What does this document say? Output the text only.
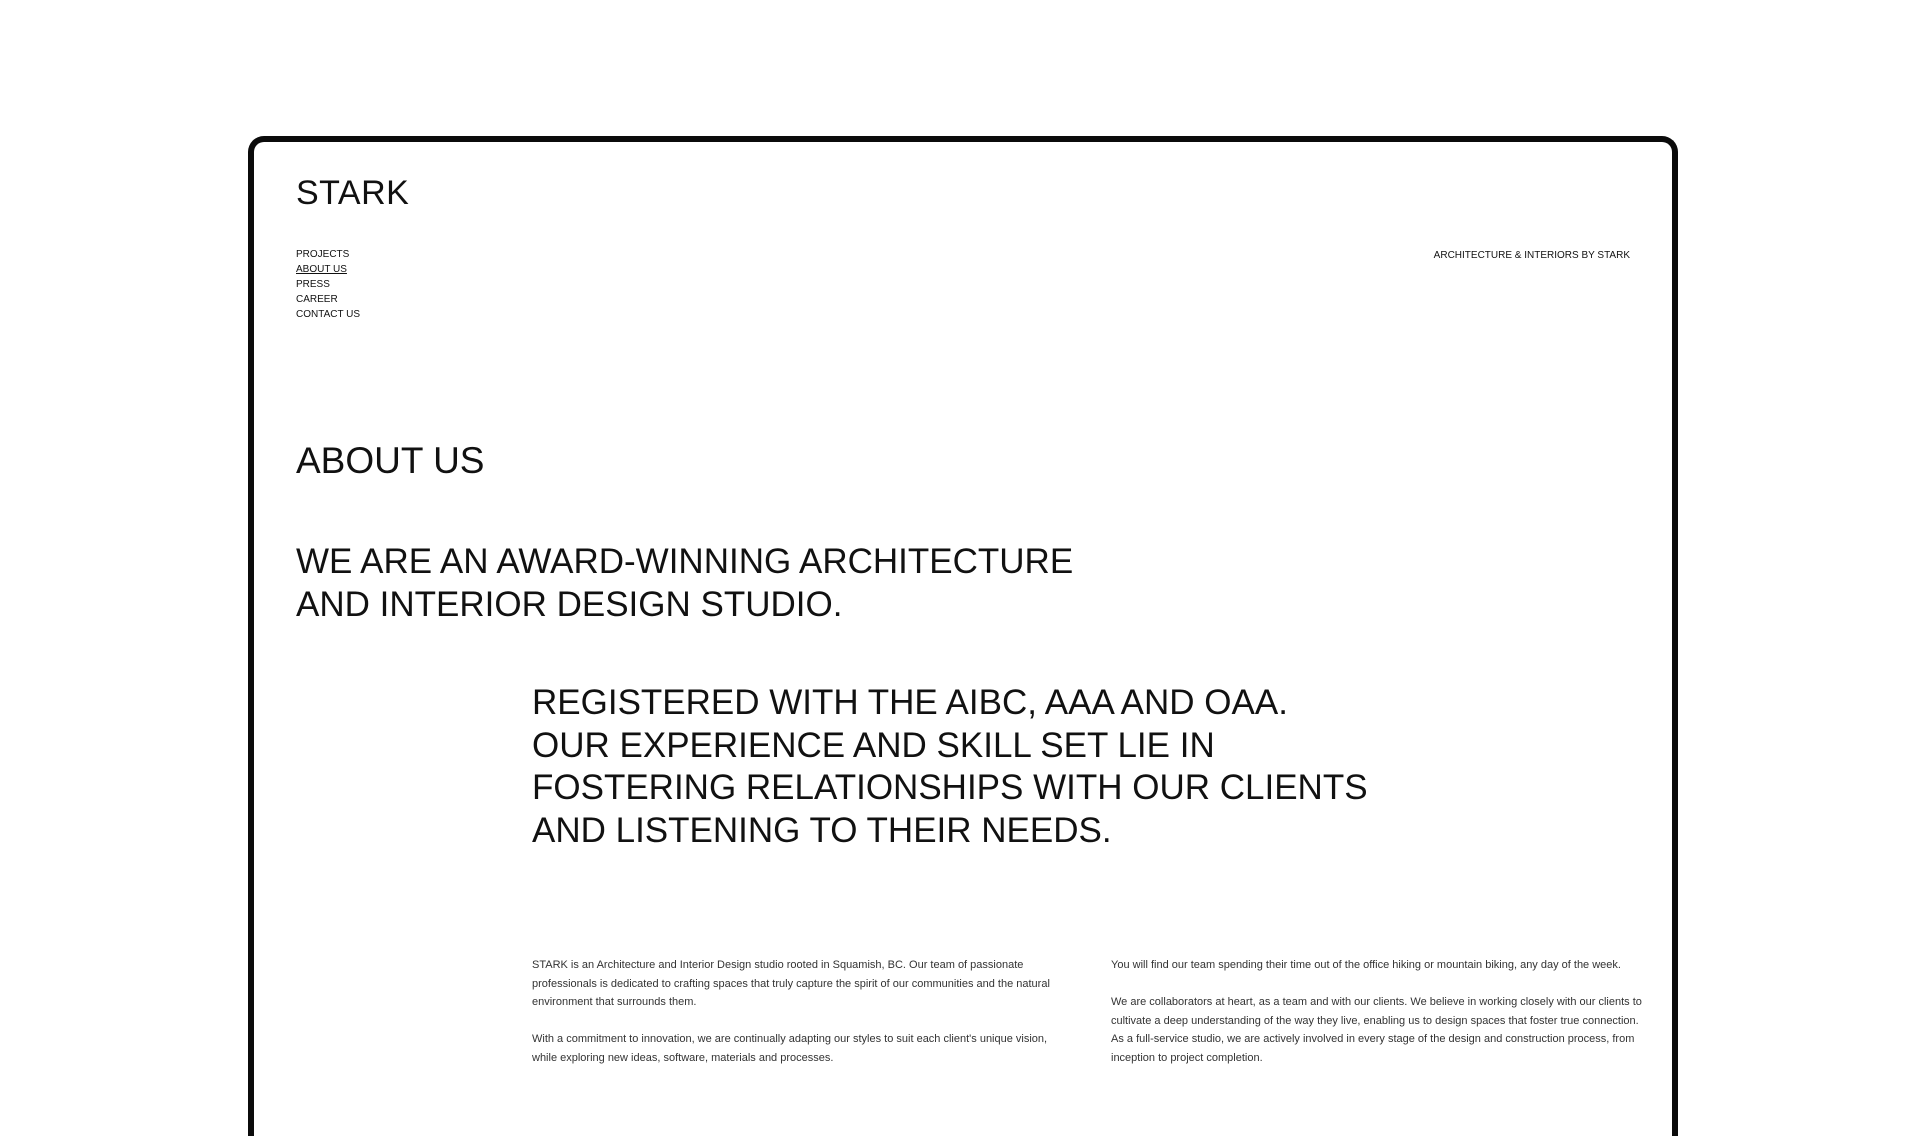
STARK
PROJECTS
ABOUT US
PRESS
CAREER
CONTACT US

ARCHITECTURE & INTERIORS BY STARK

ABOUT US
WE ARE AN AWARD-WINNING ARCHITECTURE
AND INTERIOR DESIGN STUDIO.

REGISTERED WITH THE AIBC, AAA AND OAA.
OUR EXPERIENCE AND SKILL SET LIE IN
FOSTERING RELATIONSHIPS WITH OUR CLIENTS
AND LISTENING TO THEIR NEEDS.

STARK is an Architecture and Interior Design studio rooted in Squamish, BC. Our team of passionate professionals is dedicated to crafting spaces that truly capture the spirit of our communities and the natural environment that surrounds them.

With a commitment to innovation, we are continually adapting our styles to suit each client's unique vision, while exploring new ideas, software, materials and processes.

You will find our team spending their time out of the office hiking or mountain biking, any day of the week.

We are collaborators at heart, as a team and with our clients. We believe in working closely with our clients to cultivate a deep understanding of the way they live, enabling us to design spaces that foster true connection. As a full-service studio, we are actively involved in every stage of the design and construction process, from inception to project completion.
